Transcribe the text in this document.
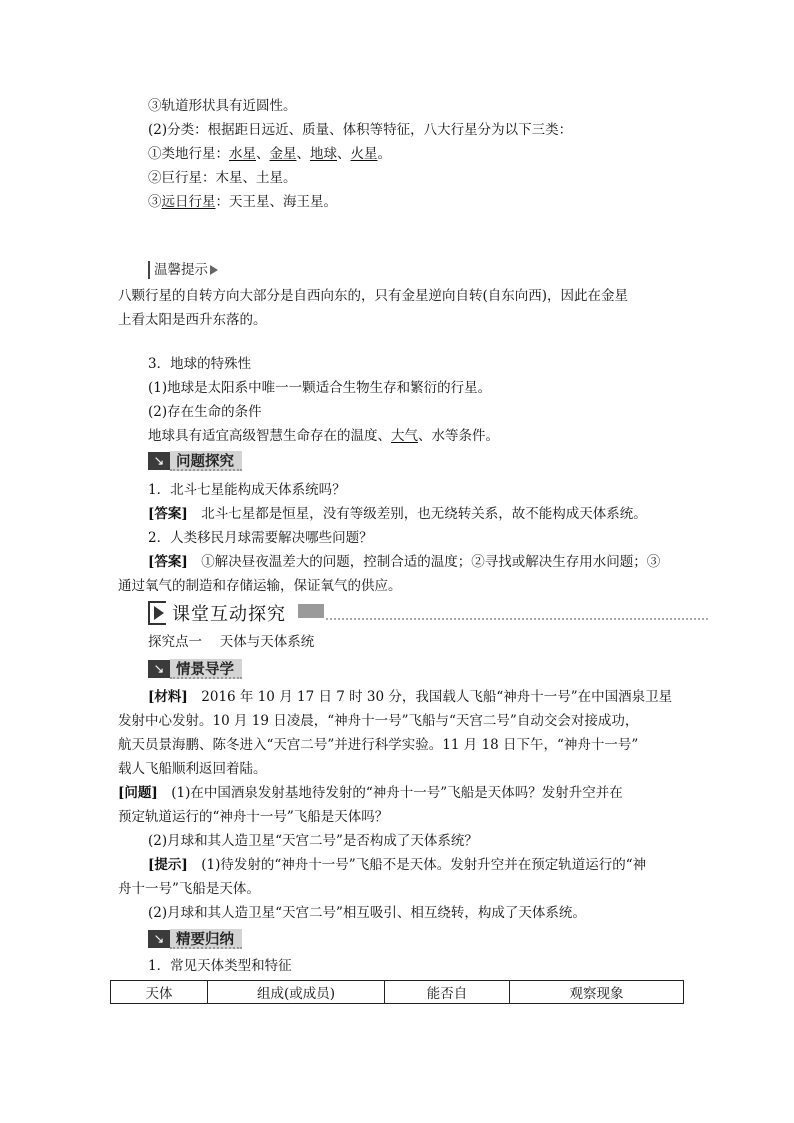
③轨道形状具有近圆性。
(2)分类：根据距日远近、质量、体积等特征，八大行星分为以下三类：
①类地行星：水星、金星、地球、火星。
②巨行星：木星、土星。
③远日行星：天王星、海王星。
温馨提示
八颗行星的自转方向大部分是自西向东的，只有金星逆向自转(自东向西)，因此在金星
上看太阳是西升东落的。
3．地球的特殊性
(1)地球是太阳系中唯一一颗适合生物生存和繁衍的行星。
(2)存在生命的条件
地球具有适宜高级智慧生命存在的温度、大气、水等条件。
↘ 问题探究
1．北斗七星能构成天体系统吗？
[答案]　北斗七星都是恒星，没有等级差别，也无绕转关系，故不能构成天体系统。
2．人类移民月球需要解决哪些问题？
[答案]　①解决昼夜温差大的问题，控制合适的温度；②寻找或解决生存用水问题；③
通过氧气的制造和存储运输，保证氧气的供应。
课堂互动探究
探究点一　 天体与天体系统
↘ 情景导学
[材料]　2016 年 10 月 17 日 7 时 30 分，我国载人飞船“神舟十一号”在中国酒泉卫星
发射中心发射。10 月 19 日凌晨，“神舟十一号”飞船与“天宫二号”自动交会对接成功，
航天员景海鹏、陈冬进入“天宫二号”并进行科学实验。11 月 18 日下午，“神舟十一号”
载人飞船顺利返回着陆。
[问题]　(1)在中国酒泉发射基地待发射的“神舟十一号”飞船是天体吗？发射升空并在
预定轨道运行的“神舟十一号”飞船是天体吗？
(2)月球和其人造卫星“天宫二号”是否构成了天体系统？
[提示]　(1)待发射的“神舟十一号”飞船不是天体。发射升空并在预定轨道运行的“神
舟十一号”飞船是天体。
(2)月球和其人造卫星“天宫二号”相互吸引、相互绕转，构成了天体系统。
↘ 精要归纳
1．常见天体类型和特征
天体	组成(或成员)	能否自	观察现象
